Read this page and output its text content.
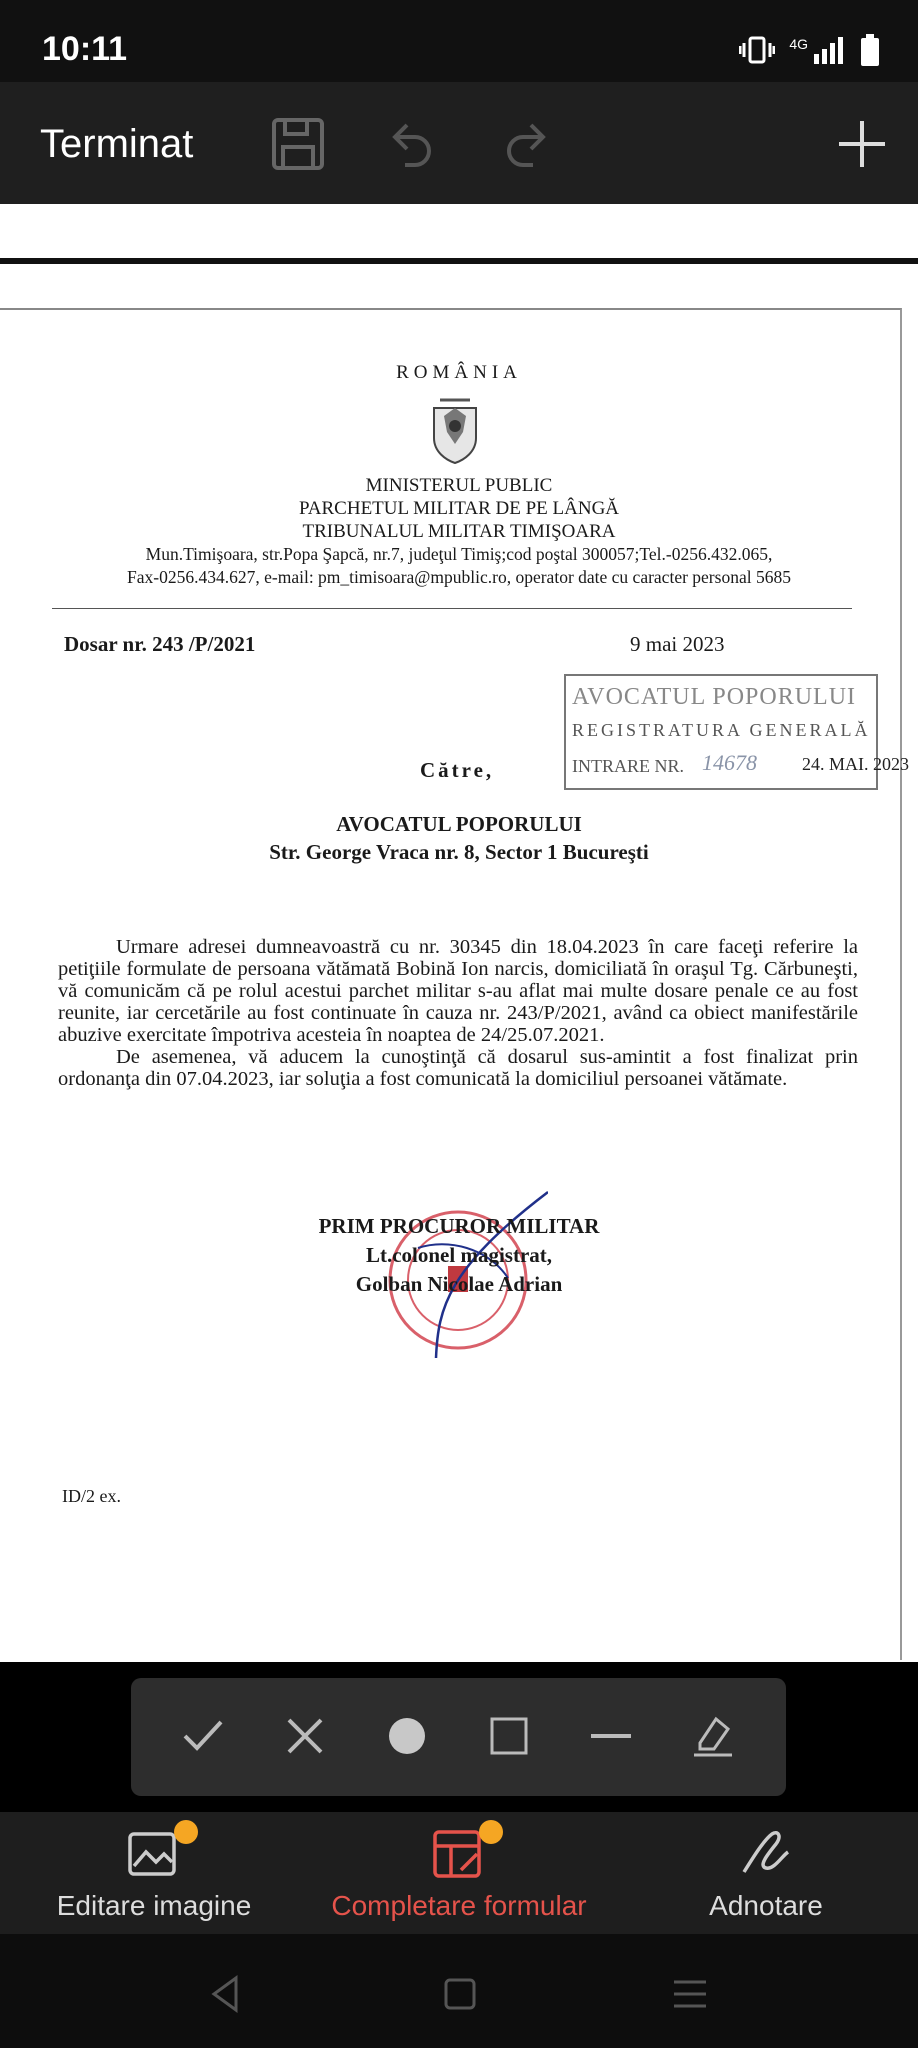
10:11	4G
Terminat
ROMÂNIA
MINISTERUL PUBLIC
PARCHETUL MILITAR DE PE LÂNGĂ
TRIBUNALUL MILITAR TIMIŞOARA
Mun.Timişoara, str.Popa Şapcă, nr.7, judeţul Timiş;cod poştal 300057;Tel.-0256.432.065,
Fax-0256.434.627, e-mail: pm_timisoara@mpublic.ro, operator date cu caracter personal 5685
Dosar nr. 243 /P/2021	9 mai 2023
AVOCATUL POPORULUI
REGISTRATURA GENERALĂ
INTRARE NR. 14678	24. MAI. 2023
Către,
AVOCATUL POPORULUI
Str. George Vraca nr. 8, Sector 1 Bucureşti

Urmare adresei dumneavoastră cu nr. 30345 din 18.04.2023 în care faceţi referire la petiţiile formulate de persoana vătămată Bobină Ion narcis, domiciliată în oraşul Tg. Cărbuneşti, vă comunicăm că pe rolul acestui parchet militar s-au aflat mai multe dosare penale ce au fost reunite, iar cercetările au fost continuate în cauza nr. 243/P/2021, având ca obiect manifestările abuzive exercitate împotriva acesteia în noaptea de 24/25.07.2021.

De asemenea, vă aducem la cunoştinţă că dosarul sus-amintit a fost finalizat prin ordonanţa din 07.04.2023, iar soluţia a fost comunicată la domiciliul persoanei vătămate.

PRIM PROCUROR MILITAR
Lt.colonel magistrat,
Golban Nicolae Adrian
ID/2 ex.
Editare imagine	Completare formular	Adnotare
